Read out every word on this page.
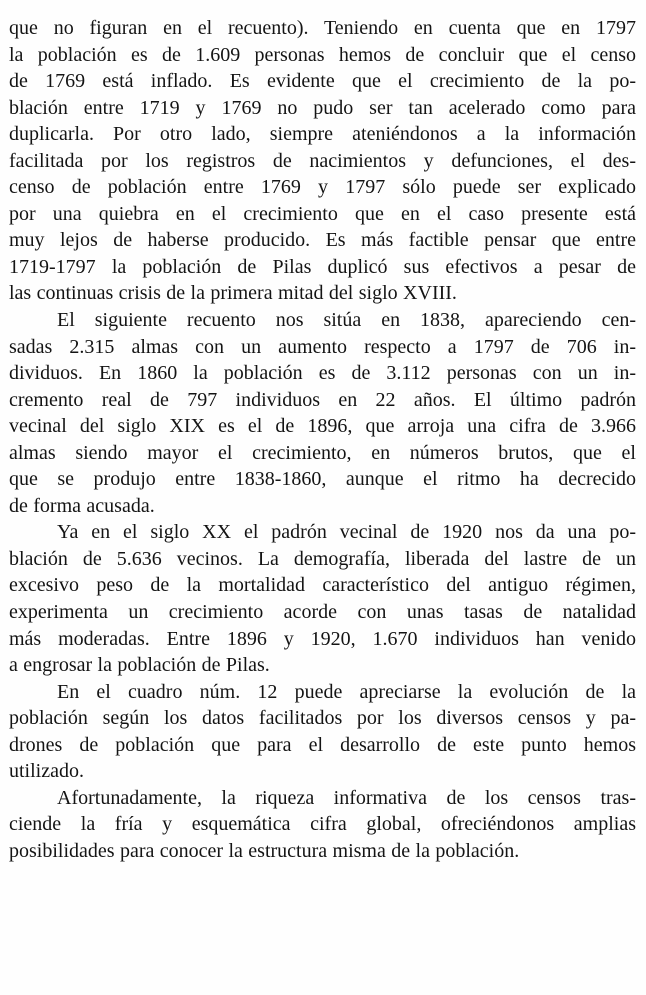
que no figuran en el recuento). Teniendo en cuenta que en 1797
la población es de 1.609 personas hemos de concluir que el censo
de 1769 está inflado. Es evidente que el crecimiento de la po-
blación entre 1719 y 1769 no pudo ser tan acelerado como para
duplicarla. Por otro lado, siempre ateniéndonos a la información
facilitada por los registros de nacimientos y defunciones, el des-
censo de población entre 1769 y 1797 sólo puede ser explicado
por una quiebra en el crecimiento que en el caso presente está
muy lejos de haberse producido. Es más factible pensar que entre
1719-1797 la población de Pilas duplicó sus efectivos a pesar de
las continuas crisis de la primera mitad del siglo XVIII.

El siguiente recuento nos sitúa en 1838, apareciendo cen-
sadas 2.315 almas con un aumento respecto a 1797 de 706 in-
dividuos. En 1860 la población es de 3.112 personas con un in-
cremento real de 797 individuos en 22 años. El último padrón
vecinal del siglo XIX es el de 1896, que arroja una cifra de 3.966
almas siendo mayor el crecimiento, en números brutos, que el
que se produjo entre 1838-1860, aunque el ritmo ha decrecido
de forma acusada.

Ya en el siglo XX el padrón vecinal de 1920 nos da una po-
blación de 5.636 vecinos. La demografía, liberada del lastre de un
excesivo peso de la mortalidad característico del antiguo régimen,
experimenta un crecimiento acorde con unas tasas de natalidad
más moderadas. Entre 1896 y 1920, 1.670 individuos han venido
a engrosar la población de Pilas.

En el cuadro núm. 12 puede apreciarse la evolución de la
población según los datos facilitados por los diversos censos y pa-
drones de población que para el desarrollo de este punto hemos
utilizado.

Afortunadamente, la riqueza informativa de los censos tras-
ciende la fría y esquemática cifra global, ofreciéndonos amplias
posibilidades para conocer la estructura misma de la población.
